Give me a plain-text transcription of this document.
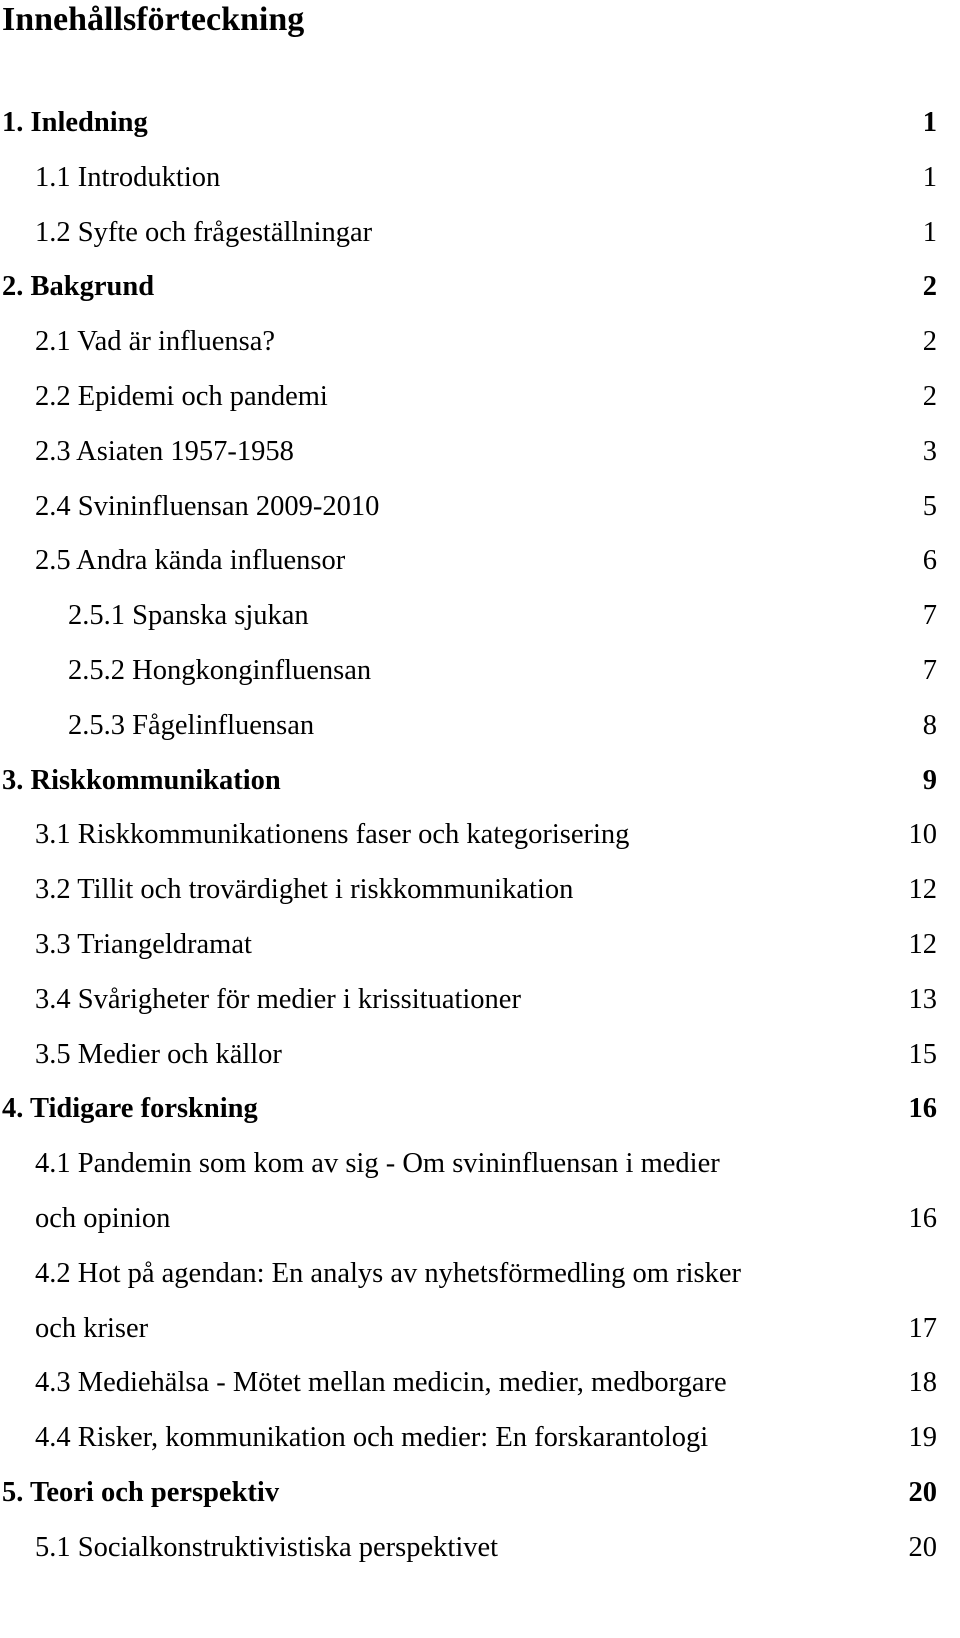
Innehållsförteckning
1. Inledning	1
1.1 Introduktion	1
1.2 Syfte och frågeställningar	1
2. Bakgrund	2
2.1 Vad är influensa?	2
2.2 Epidemi och pandemi	2
2.3 Asiaten 1957-1958	3
2.4 Svininfluensan 2009-2010	5
2.5 Andra kända influensor	6
2.5.1 Spanska sjukan	7
2.5.2 Hongkonginfluensan	7
2.5.3 Fågelinfluensan	8
3. Riskkommunikation	9
3.1 Riskkommunikationens faser och kategorisering	10
3.2 Tillit och trovärdighet i riskkommunikation	12
3.3 Triangeldramat	12
3.4 Svårigheter för medier i krissituationer	13
3.5 Medier och källor	15
4. Tidigare forskning	16
4.1 Pandemin som kom av sig - Om svininfluensan i medier
och opinion	16
4.2 Hot på agendan: En analys av nyhetsförmedling om risker
och kriser	17
4.3 Mediehälsa - Mötet mellan medicin, medier, medborgare	18
4.4 Risker, kommunikation och medier: En forskarantologi	19
5. Teori och perspektiv	20
5.1 Socialkonstruktivistiska perspektivet	20
